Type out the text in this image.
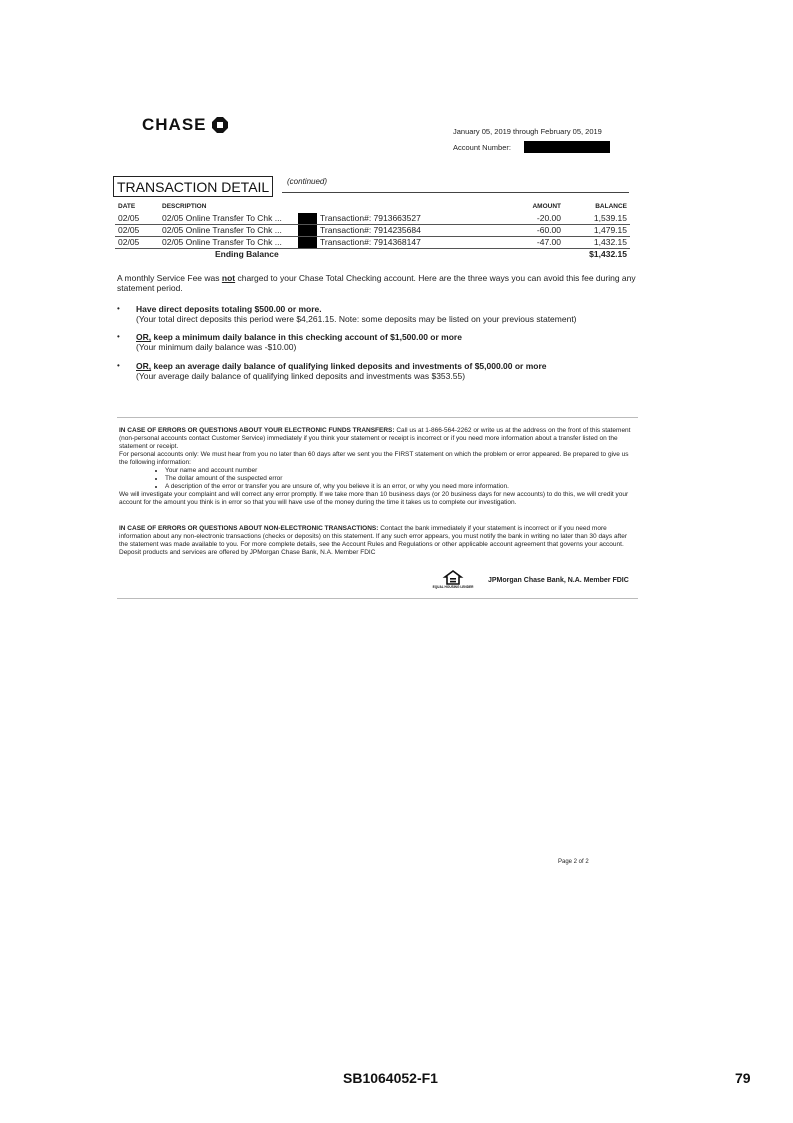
CHASE	January 05, 2019 through February 05, 2019
Account Number:
TRANSACTION DETAIL	(continued)
DATE	DESCRIPTION			AMOUNT	BALANCE
02/05	02/05 Online Transfer To Chk ...		Transaction#: 7913663527	-20.00	1,539.15
02/05	02/05 Online Transfer To Chk ...		Transaction#: 7914235684	-60.00	1,479.15
02/05	02/05 Online Transfer To Chk ...		Transaction#: 7914368147	-47.00	1,432.15
	Ending Balance				$1,432.15
A monthly Service Fee was not charged to your Chase Total Checking account. Here are the three ways you can avoid this fee during any statement period.
• Have direct deposits totaling $500.00 or more.
(Your total direct deposits this period were $4,261.15. Note: some deposits may be listed on your previous statement)
• OR, keep a minimum daily balance in this checking account of $1,500.00 or more
(Your minimum daily balance was -$10.00)
• OR, keep an average daily balance of qualifying linked deposits and investments of $5,000.00 or more
(Your average daily balance of qualifying linked deposits and investments was $353.55)
IN CASE OF ERRORS OR QUESTIONS ABOUT YOUR ELECTRONIC FUNDS TRANSFERS: Call us at 1-866-564-2262 or write us at the address on the front of this statement (non-personal accounts contact Customer Service) immediately if you think your statement or receipt is incorrect or if you need more information about a transfer listed on the statement or receipt.
For personal accounts only: We must hear from you no later than 60 days after we sent you the FIRST statement on which the problem or error appeared. Be prepared to give us the following information:
• Your name and account number
• The dollar amount of the suspected error
• A description of the error or transfer you are unsure of, why you believe it is an error, or why you need more information.
We will investigate your complaint and will correct any error promptly. If we take more than 10 business days (or 20 business days for new accounts) to do this, we will credit your account for the amount you think is in error so that you will have use of the money during the time it takes us to complete our investigation.
IN CASE OF ERRORS OR QUESTIONS ABOUT NON-ELECTRONIC TRANSACTIONS: Contact the bank immediately if your statement is incorrect or if you need more information about any non-electronic transactions (checks or deposits) on this statement. If any such error appears, you must notify the bank in writing no later than 30 days after the statement was made available to you. For more complete details, see the Account Rules and Regulations or other applicable account agreement that governs your account. Deposit products and services are offered by JPMorgan Chase Bank, N.A. Member FDIC
EQUAL HOUSING LENDER
JPMorgan Chase Bank, N.A. Member FDIC
Page 2 of 2
SB1064052-F1	79
